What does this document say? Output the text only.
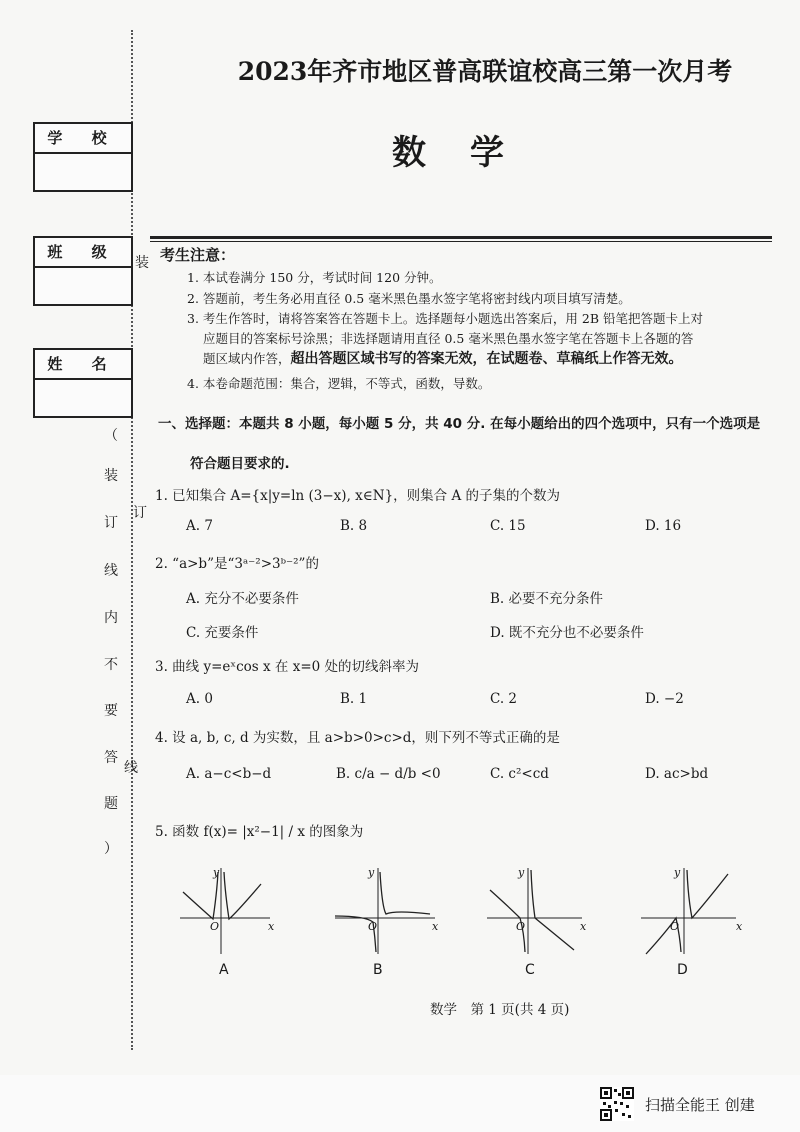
学 校
班 级
姓 名
装
订
线
（
装
订
线
内
不
要
答
题
）
2023年齐市地区普高联谊校高三第一次月考
数学
考生注意：
1. 本试卷满分 150 分，考试时间 120 分钟。
2. 答题前，考生务必用直径 0.5 毫米黑色墨水签字笔将密封线内项目填写清楚。
3. 考生作答时，请将答案答在答题卡上。选择题每小题选出答案后，用 2B 铅笔把答题卡上对
应题目的答案标号涂黑；非选择题请用直径 0.5 毫米黑色墨水签字笔在答题卡上各题的答
题区域内作答，超出答题区域书写的答案无效，在试题卷、草稿纸上作答无效。
4. 本卷命题范围：集合，逻辑，不等式，函数，导数。
一、选择题：本题共 8 小题，每小题 5 分，共 40 分. 在每小题给出的四个选项中，只有一个选项是
符合题目要求的.
1. 已知集合 A={x|y=ln (3−x), x∈N}，则集合 A 的子集的个数为
A. 7	B. 8	C. 15	D. 16
2. “a>b”是“3ᵃ⁻²>3ᵇ⁻²”的
A. 充分不必要条件	B. 必要不充分条件
C. 充要条件	D. 既不充分也不必要条件
3. 曲线 y=eˣcos x 在 x=0 处的切线斜率为
A. 0	B. 1	C. 2	D. −2
4. 设 a, b, c, d 为实数，且 a>b>0>c>d，则下列不等式正确的是
A. a−c<b−d	B. c/a − d/b <0	C. c²<cd	D. ac>bd
5. 函数 f(x)= |x²−1| / x 的图象为
y
x
O
y
x
O
y
x
O
y
x
O
A	B	C	D
数学　第 1 页(共 4 页)
扫描全能王 创建
